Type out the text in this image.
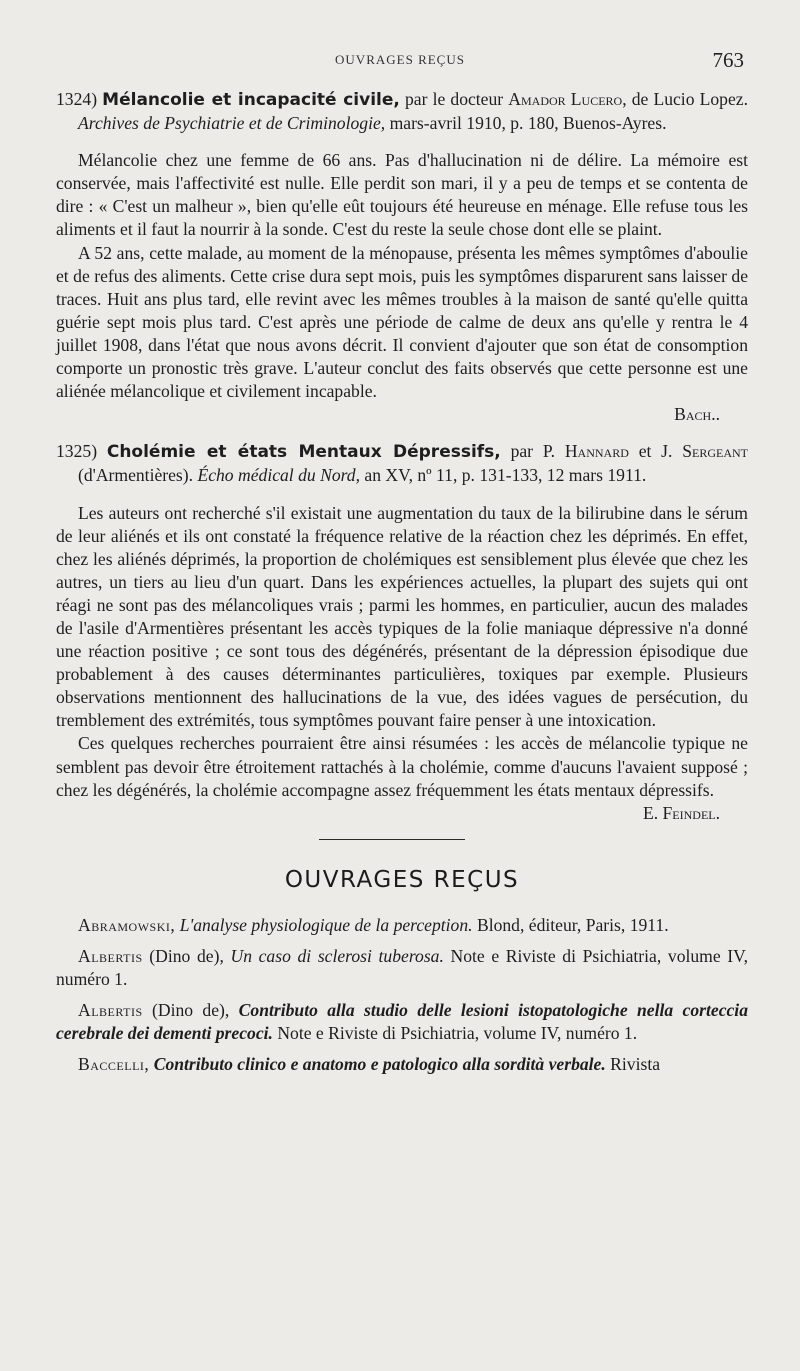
OUVRAGES REÇUS	763

1324) Mélancolie et incapacité civile, par le docteur Amador Lucero, de Lucio Lopez. Archives de Psychiatrie et de Criminologie, mars-avril 1910, p. 180, Buenos-Ayres.

Mélancolie chez une femme de 66 ans. Pas d'hallucination ni de délire. La mémoire est conservée, mais l'affectivité est nulle. Elle perdit son mari, il y a peu de temps et se contenta de dire : « C'est un malheur », bien qu'elle eût toujours été heureuse en ménage. Elle refuse tous les aliments et il faut la nourrir à la sonde. C'est du reste la seule chose dont elle se plaint.

A 52 ans, cette malade, au moment de la ménopause, présenta les mêmes symptômes d'aboulie et de refus des aliments. Cette crise dura sept mois, puis les symptômes disparurent sans laisser de traces. Huit ans plus tard, elle revint avec les mêmes troubles à la maison de santé qu'elle quitta guérie sept mois plus tard. C'est après une période de calme de deux ans qu'elle y rentra le 4 juillet 1908, dans l'état que nous avons décrit. Il convient d'ajouter que son état de consomption comporte un pronostic très grave. L'auteur conclut des faits observés que cette personne est une aliénée mélancolique et civilement incapable.

Bach..

1325) Cholémie et états Mentaux Dépressifs, par P. Hannard et J. Sergeant (d'Armentières). Écho médical du Nord, an XV, nº 11, p. 131-133, 12 mars 1911.

Les auteurs ont recherché s'il existait une augmentation du taux de la bilirubine dans le sérum de leur aliénés et ils ont constaté la fréquence relative de la réaction chez les déprimés. En effet, chez les aliénés déprimés, la proportion de cholémiques est sensiblement plus élevée que chez les autres, un tiers au lieu d'un quart. Dans les expériences actuelles, la plupart des sujets qui ont réagi ne sont pas des mélancoliques vrais ; parmi les hommes, en particulier, aucun des malades de l'asile d'Armentières présentant les accès typiques de la folie maniaque dépressive n'a donné une réaction positive ; ce sont tous des dégénérés, présentant de la dépression épisodique due probablement à des causes déterminantes particulières, toxiques par exemple. Plusieurs observations mentionnent des hallucinations de la vue, des idées vagues de persécution, du tremblement des extrémités, tous symptômes pouvant faire penser à une intoxication.

Ces quelques recherches pourraient être ainsi résumées : les accès de mélancolie typique ne semblent pas devoir être étroitement rattachés à la cholémie, comme d'aucuns l'avaient supposé ; chez les dégénérés, la cholémie accompagne assez fréquemment les états mentaux dépressifs.

E. Feindel.

OUVRAGES REÇUS

Abramowski, L'analyse physiologique de la perception. Blond, éditeur, Paris, 1911.

Albertis (Dino de), Un caso di sclerosi tuberosa. Note e Riviste di Psichiatria, volume IV, numéro 1.

Albertis (Dino de), Contributo alla studio delle lesioni istopatologiche nella corteccia cerebrale dei dementi precoci. Note e Riviste di Psichiatria, volume IV, numéro 1.

Baccelli, Contributo clinico e anatomo e patologico alla sordità verbale. Rivista
